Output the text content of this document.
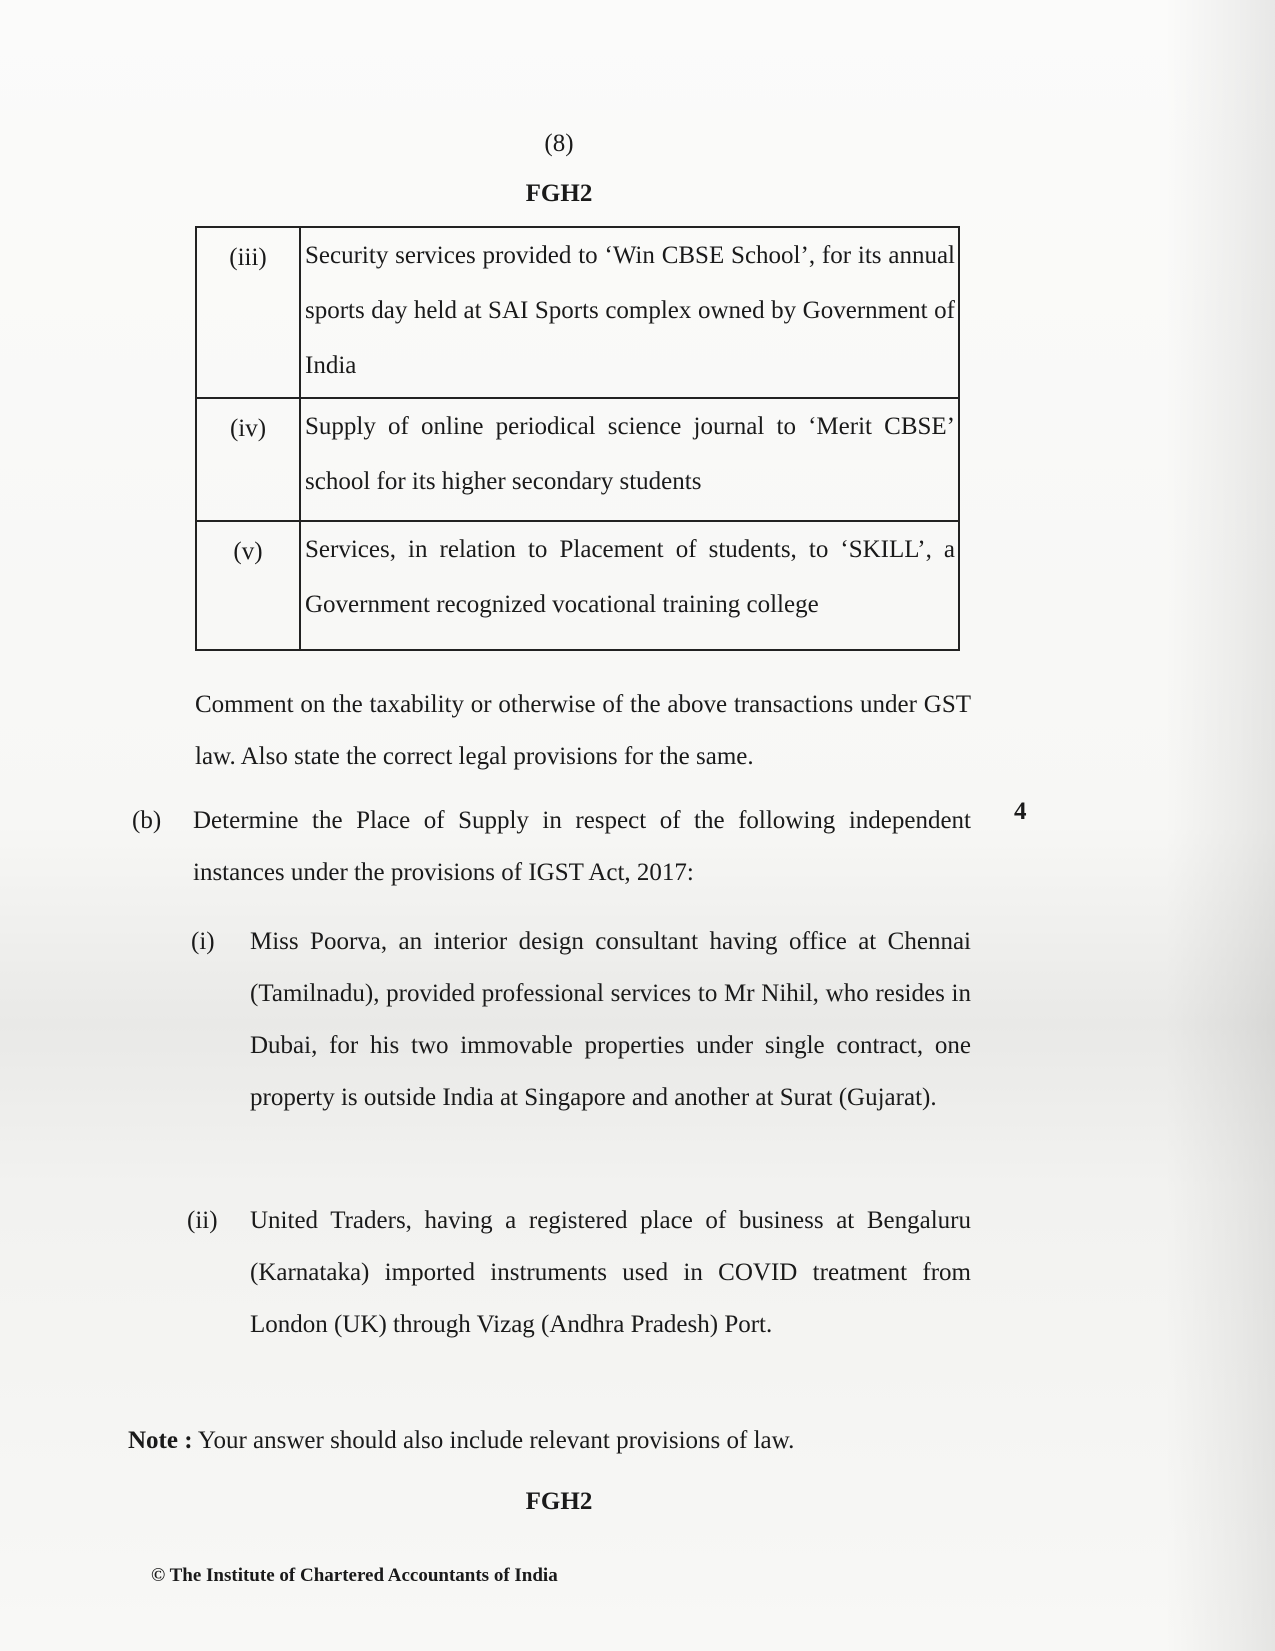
(8)
FGH2
(iii)	Security services provided to ‘Win CBSE School’, for its annual sports day held at SAI Sports complex owned by Government of India
(iv)	Supply of online periodical science journal to ‘Merit CBSE’ school for its higher secondary students
(v)	Services, in relation to Placement of students, to ‘SKILL’, a Government recognized vocational training college
Comment on the taxability or otherwise of the above transactions under GST law. Also state the correct legal provisions for the same.
(b) Determine the Place of Supply in respect of the following independent instances under the provisions of IGST Act, 2017:
4
(i) Miss Poorva, an interior design consultant having office at Chennai (Tamilnadu), provided professional services to Mr Nihil, who resides in Dubai, for his two immovable properties under single contract, one property is outside India at Singapore and another at Surat (Gujarat).
(ii) United Traders, having a registered place of business at Bengaluru (Karnataka) imported instruments used in COVID treatment from London (UK) through Vizag (Andhra Pradesh) Port.
Note : Your answer should also include relevant provisions of law.
FGH2
© The Institute of Chartered Accountants of India
